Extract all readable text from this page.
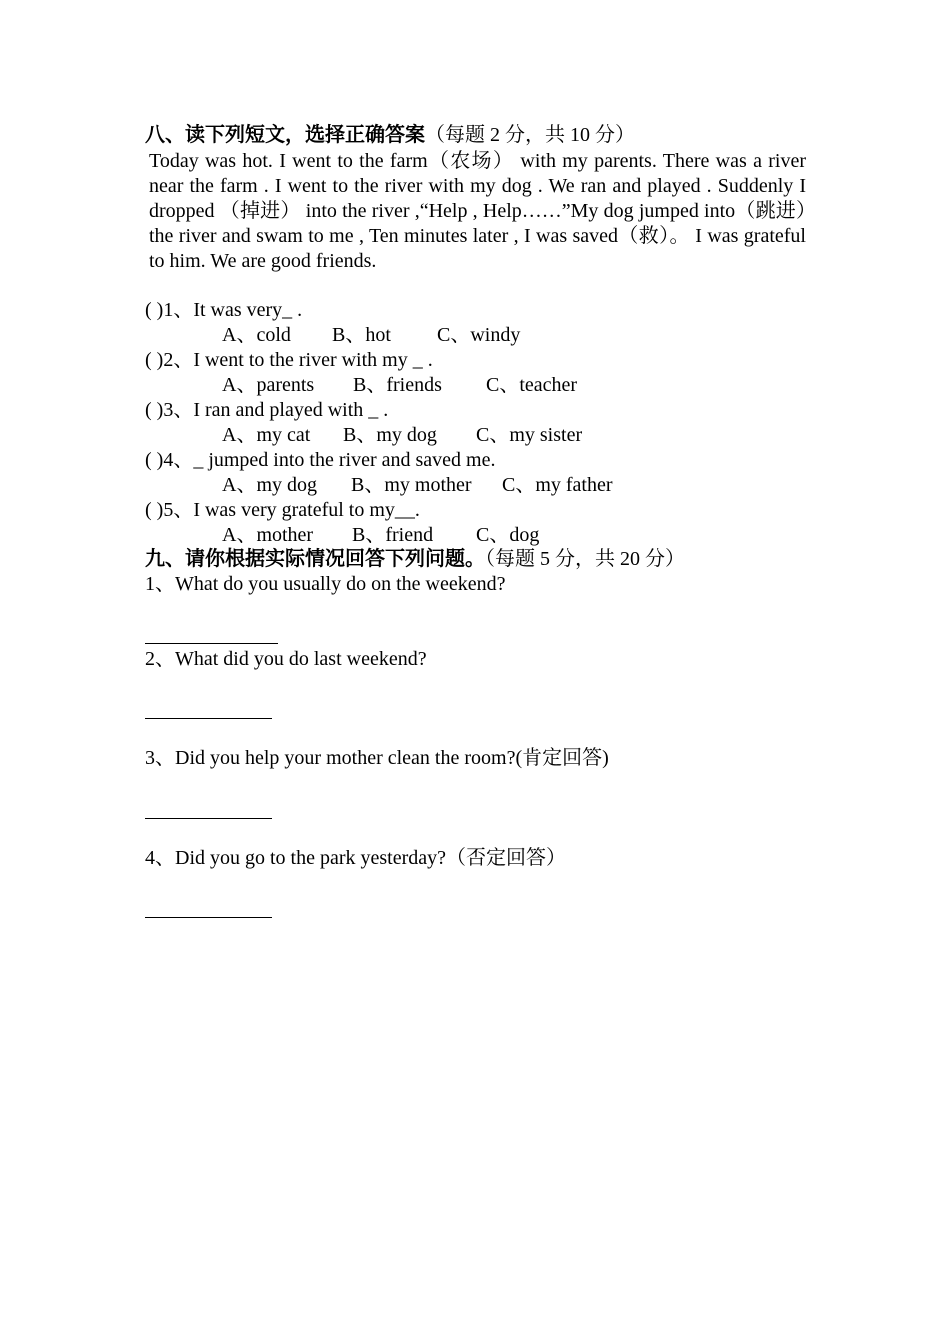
八、读下列短文，选择正确答案（每题 2 分，共 10 分）
Today was hot. I went to the farm（农场） with my parents. There was a river near the farm . I went to the river with my dog . We ran and played . Suddenly I dropped （掉进） into the river ,“Help , Help……”My dog jumped into（跳进）the river and swam to me , Ten minutes later , I was saved（救）。 I was grateful to him. We are good friends.
( )1、It was very_ .
A、cold B、hot C、windy
( )2、I went to the river with my _ .
A、parents B、friends C、teacher
( )3、I ran and played with _ .
A、my cat B、my dog C、my sister
( )4、_ jumped into the river and saved me.
A、my dog B、my mother C、my father
( )5、I was very grateful to my__.
A、mother B、friend C、dog
九、请你根据实际情况回答下列问题。（每题 5 分，共 20 分）
1、What do you usually do on the weekend?
2、What did you do last weekend?
3、Did you help your mother clean the room?(肯定回答)
4、Did you go to the park yesterday?（否定回答）
